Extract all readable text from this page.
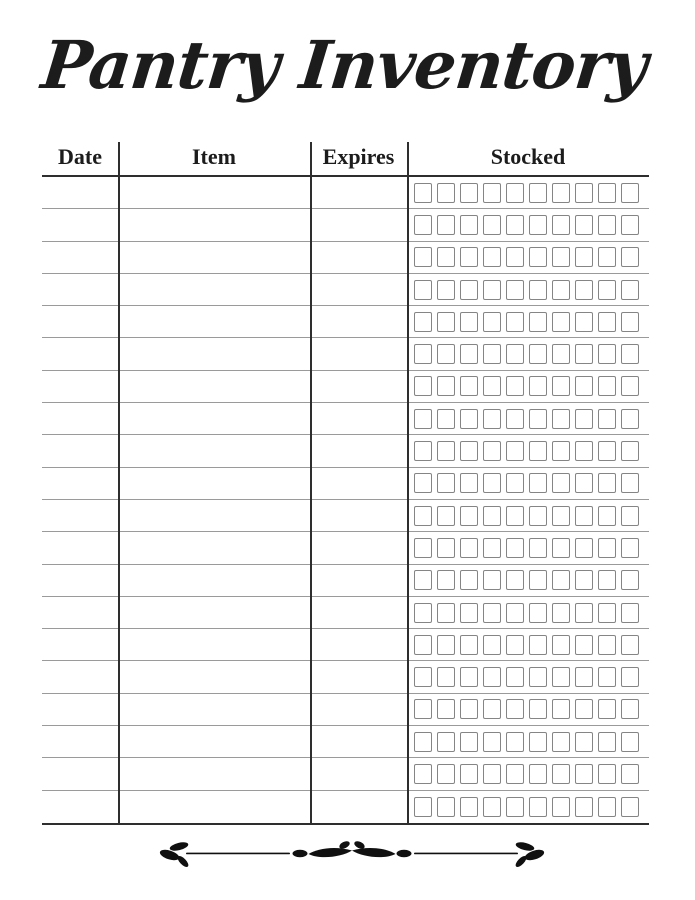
Pantry Inventory
Date	Item	Expires	Stocked
